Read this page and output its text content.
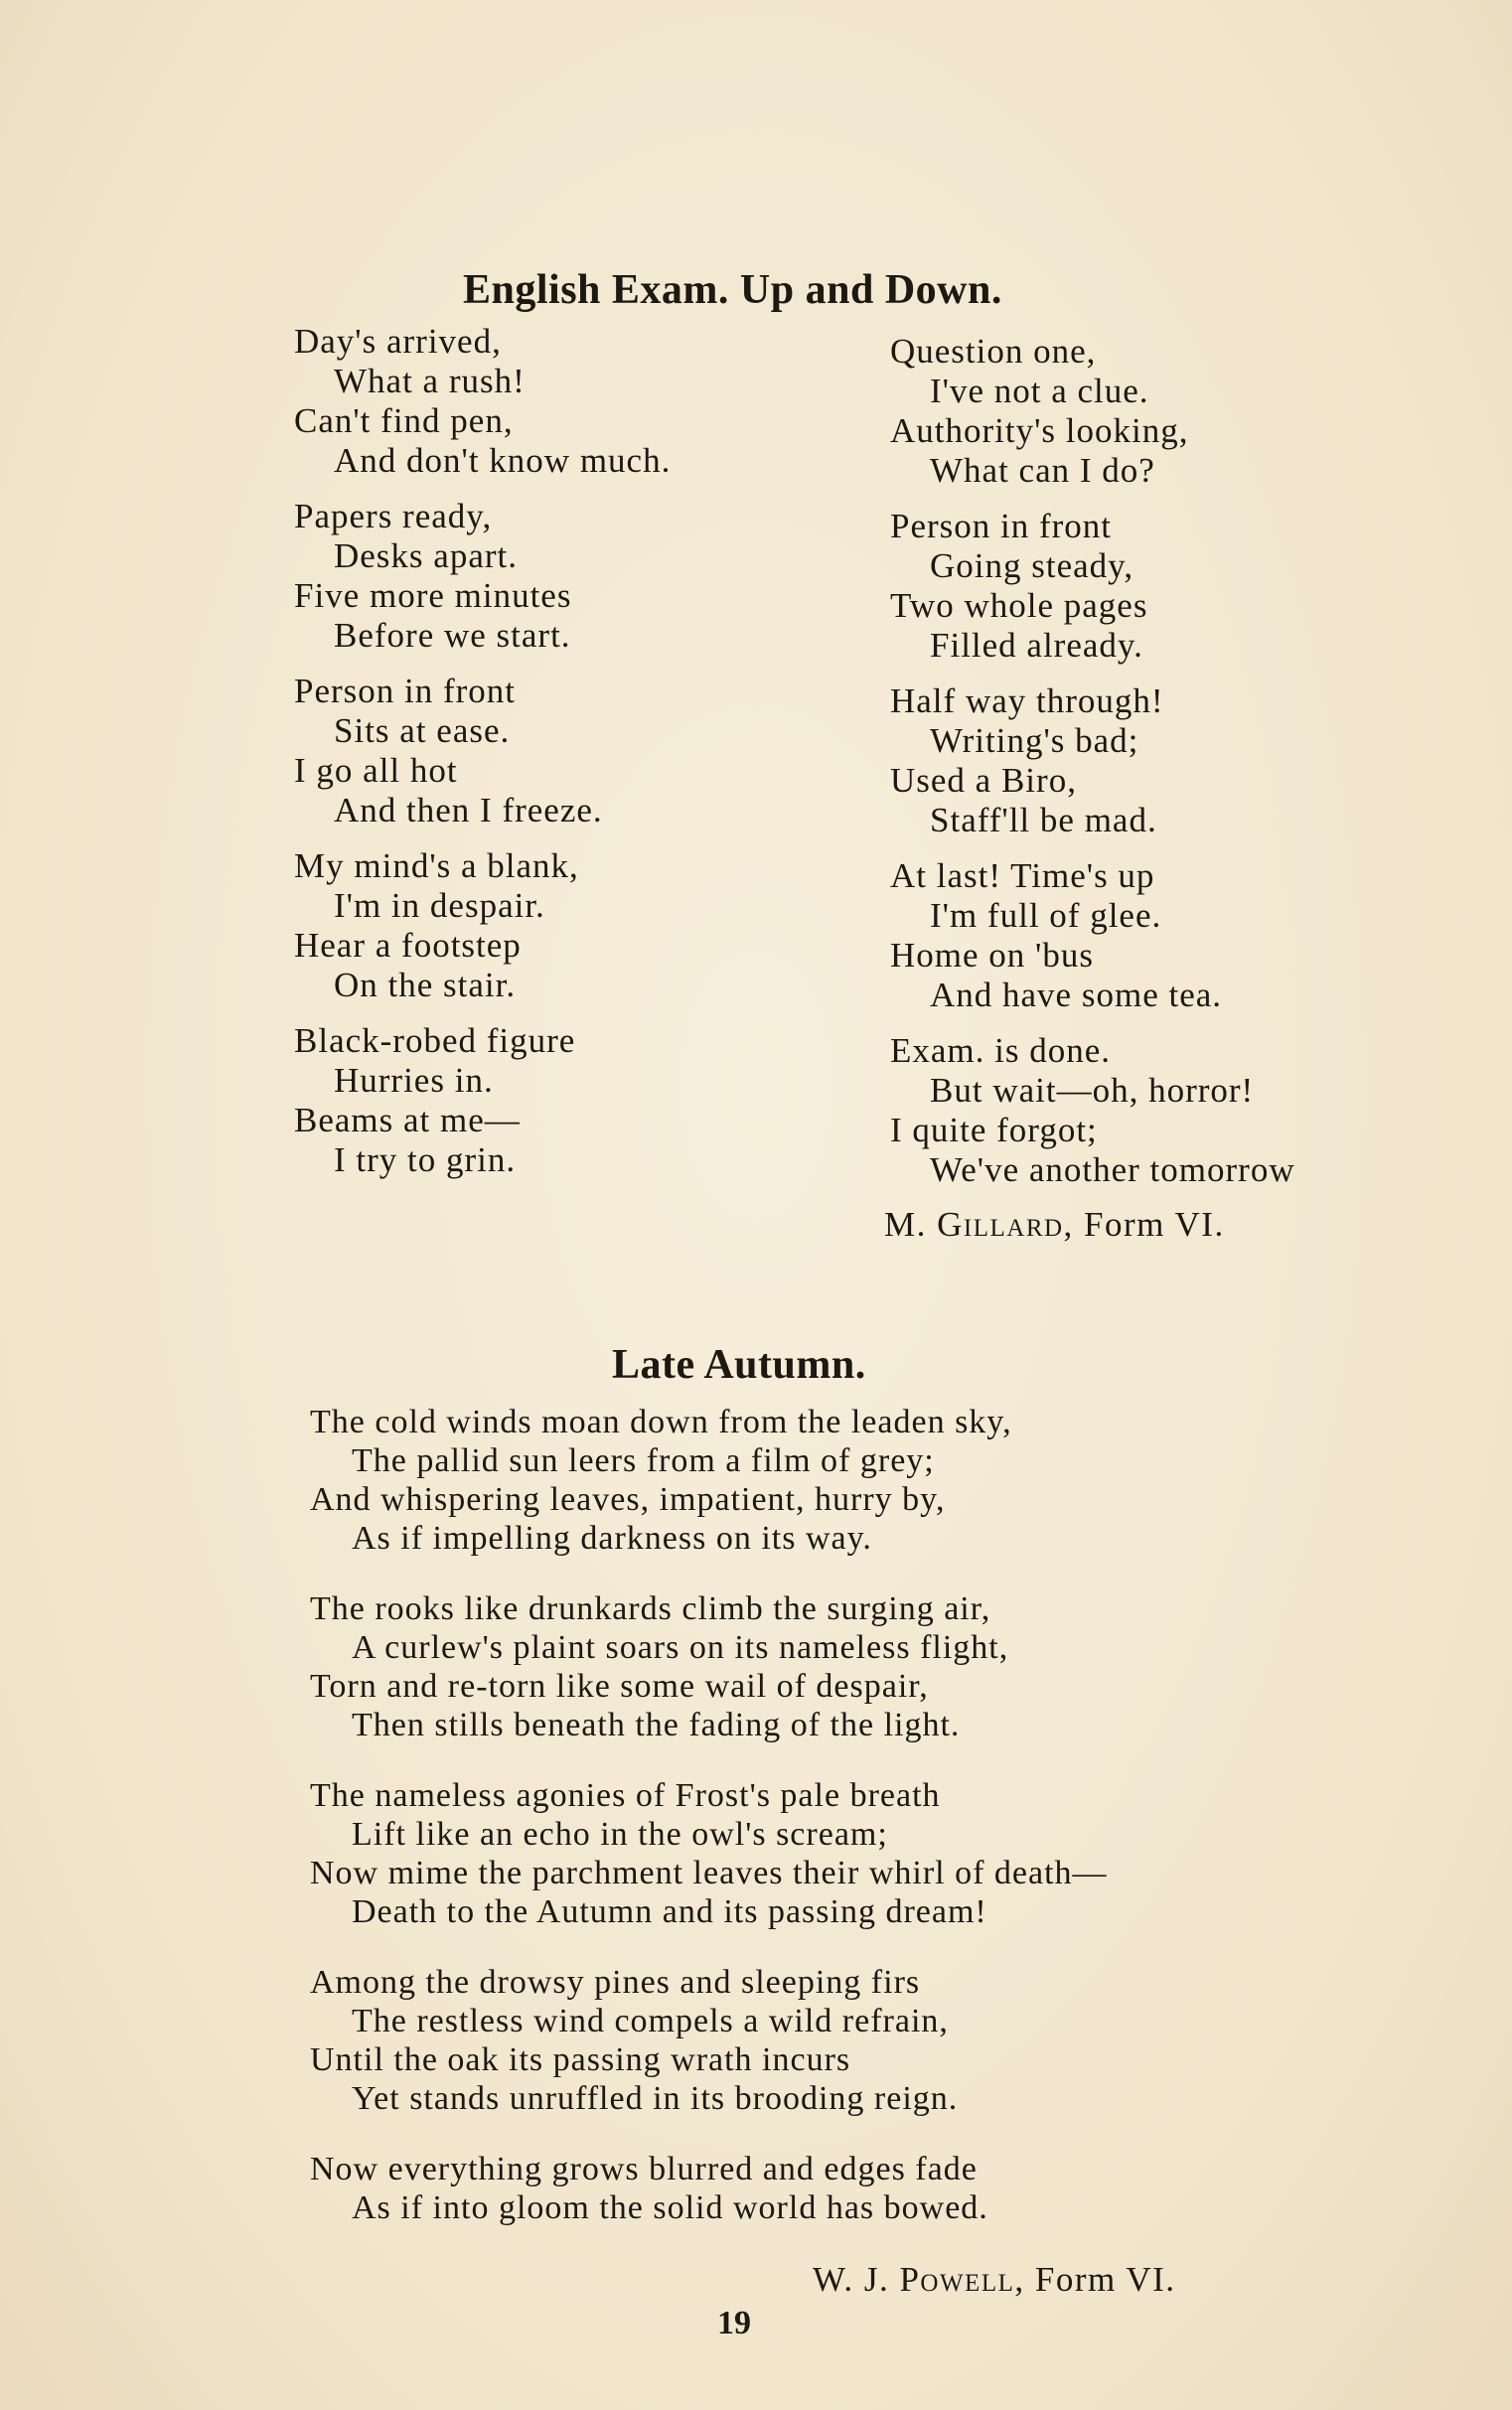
English Exam. Up and Down.
Day's arrived,
What a rush!
Can't find pen,
And don't know much.
Papers ready,
Desks apart.
Five more minutes
Before we start.
Person in front
Sits at ease.
I go all hot
And then I freeze.
My mind's a blank,
I'm in despair.
Hear a footstep
On the stair.
Black-robed figure
Hurries in.
Beams at me—
I try to grin.
Question one,
I've not a clue.
Authority's looking,
What can I do?
Person in front
Going steady,
Two whole pages
Filled already.
Half way through!
Writing's bad;
Used a Biro,
Staff'll be mad.
At last! Time's up
I'm full of glee.
Home on 'bus
And have some tea.
Exam. is done.
But wait—oh, horror!
I quite forgot;
We've another tomorrow
M. Gillard, Form VI.
Late Autumn.
The cold winds moan down from the leaden sky,
The pallid sun leers from a film of grey;
And whispering leaves, impatient, hurry by,
As if impelling darkness on its way.
The rooks like drunkards climb the surging air,
A curlew's plaint soars on its nameless flight,
Torn and re-torn like some wail of despair,
Then stills beneath the fading of the light.
The nameless agonies of Frost's pale breath
Lift like an echo in the owl's scream;
Now mime the parchment leaves their whirl of death—
Death to the Autumn and its passing dream!
Among the drowsy pines and sleeping firs
The restless wind compels a wild refrain,
Until the oak its passing wrath incurs
Yet stands unruffled in its brooding reign.
Now everything grows blurred and edges fade
As if into gloom the solid world has bowed.
W. J. Powell, Form VI.
19
